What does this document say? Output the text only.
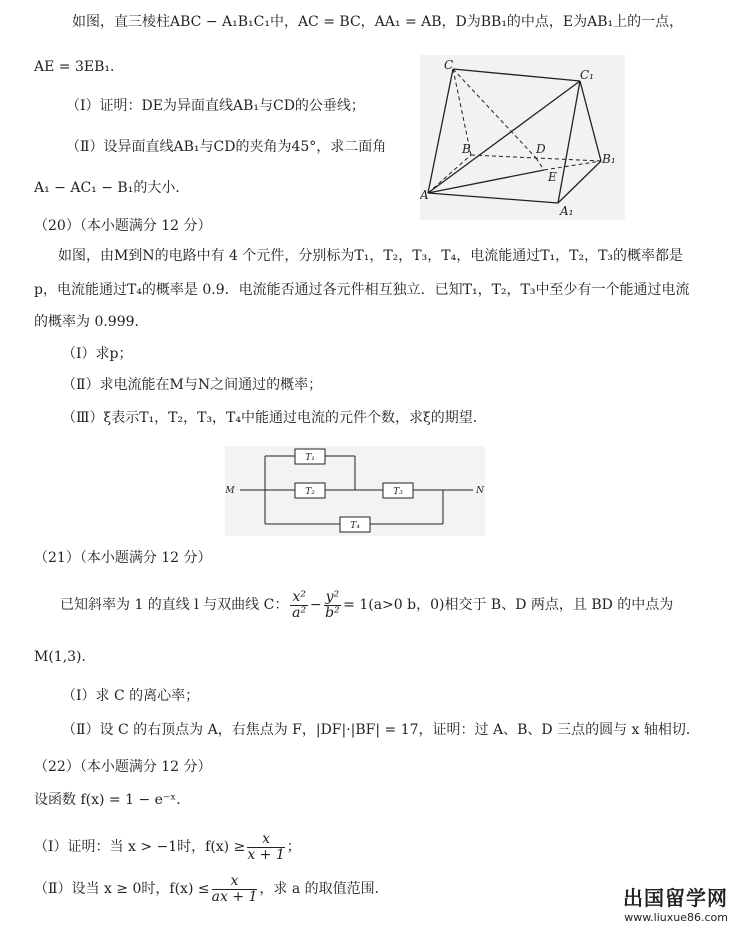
如图，直三棱柱ABC − A₁B₁C₁中，AC = BC，AA₁ = AB，D为BB₁的中点，E为AB₁上的一点，
AE = 3EB₁．
（Ⅰ）证明：DE为异面直线AB₁与CD的公垂线；
（Ⅱ）设异面直线AB₁与CD的夹角为45°，求二面角
A₁ − AC₁ − B₁的大小．
C
C₁
B	D
B₁
A
E
A₁
（20）（本小题满分 12 分）
如图，由M到N的电路中有 4 个元件，分别标为T₁，T₂，T₃，T₄，电流能通过T₁，T₂，T₃的概率都是
p，电流能通过T₄的概率是 0.9．电流能否通过各元件相互独立．已知T₁，T₂，T₃中至少有一个能通过电流
的概率为 0.999．
（Ⅰ）求p；
（Ⅱ）求电流能在M与N之间通过的概率；
（Ⅲ）ξ表示T₁，T₂，T₃，T₄中能通过电流的元件个数，求ξ的期望．
M	N
T₁
T₂	T₃
T₄
（21）（本小题满分 12 分）
已知斜率为 1 的直线 l 与双曲线 C： $\frac{\text{x²}}{\text{a²}} - \frac{\text{y²}}{\text{b²}} = 1(a>0$ b，0)相交于 B、D 两点，且 BD 的中点为
M(1,3)．
（Ⅰ）求 C 的离心率；
（Ⅱ）设 C 的右顶点为 A，右焦点为 F，|DF|·|BF| = 17，证明：过 A、B、D 三点的圆与 x 轴相切．
（22）（本小题满分 12 分）
设函数 f(x) = 1 − e⁻ˣ．
（Ⅰ）证明：当 x > −1时，$f(x) \ge \frac{x}{x + 1}$ ；
（Ⅱ）设当 x ≥ 0时，$f(x) \le \frac{x}{ax + 1}$ ，求 a 的取值范围．	出国留学网
www.liuxue86.com
